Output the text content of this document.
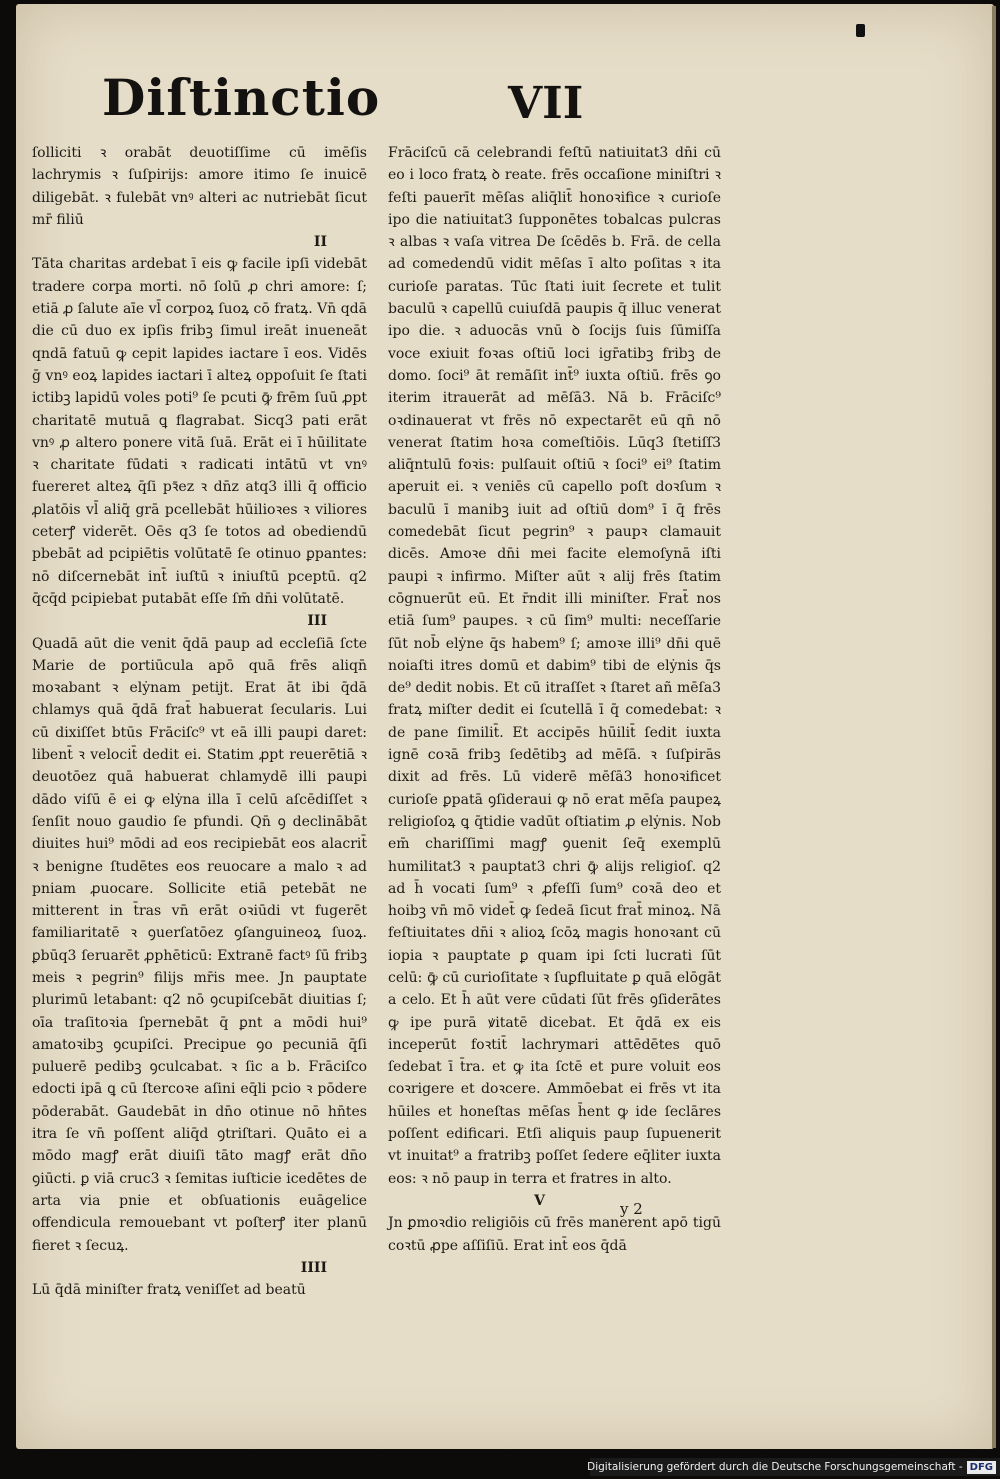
Diſtinctio	VII

ſolliciti ꝛ orabāt deuotiſſime cū imēſis lachrymis ꝛ ſuſpirijs: amore itimo ſe inuicē diligebāt. ꝛ fulebāt vnꝰ alteri ac nutriebāt ſicut mr̄ filiū

II

Tāta charitas ardebat ī eis ꝙ facile ipſi videbāt tradere corpa morti. nō ſolū ꝓ chri amore: ſ; etiā ꝓ ſalute aīe vl̄ corpoꝝ ſuoꝝ cō fratꝝ. Vn̄ qdā die cū duo ex ipſis fribꝫ ſimul ireāt inueneāt qndā fatuū ꝙ cepit lapides iactare ī eos. Vidēs ḡ vnꝰ eoꝝ lapides iactari ī alteꝝ oppoſuit ſe ſtati ictibꝫ lapidū voles poti⁹ ſe pcuti ꝙ̄ frēm ſuū ꝓpt charitatē mutuā ꝗ flagrabat. Sicq3 pati erāt vnꝰ ꝓ altero ponere vitā ſuā. Erāt ei ī hūilitate ꝛ charitate fūdati ꝛ radicati intātū vt vnꝰ fuereret alteꝝ q̄ſi pꝛ̄ez ꝛ dn̄z atq3 illi q̄ officio ꝓlatōis vl̄ aliq̄ grā pcellebāt hūilioꝛes ꝛ viliores ceterꝭ viderēt. Oēs q3 ſe totos ad obediendū pbebāt ad pcipiētis volūtatē ſe otinuo ꝑpantes: nō diſcernebāt int̄ iuſtū ꝛ iniuſtū pceptū. q2 q̄cq̄d pcipiebat putabāt eſſe ſm̄ dn̄i volūtatē.

III

Quadā aūt die venit q̄dā paup ad eccleſiā ſcte Marie de portiūcula apō quā frēs aliqn̄ moꝛabant ꝛ elẏnam petijt. Erat āt ibi q̄dā chlamys quā q̄dā frat̄ habuerat ſecularis. Lui cū dixiſſet btūs Frāciſc⁹ vt eā illi paupi daret: libent̄ ꝛ velocit̄ dedit ei. Statim ꝓpt reuerētiā ꝛ deuotōez quā habuerat chlamydē illi paupi dādo viſū ē ei ꝙ elẏna illa ī celū aſcēdiſſet ꝛ ſenſit nouo gaudio ſe pfundi. Qn̄ ꝯ declinābāt diuites hui⁹ mōdi ad eos recipiebāt eos alacrit̄ ꝛ benigne ſtudētes eos reuocare a malo ꝛ ad pniam ꝓuocare. Sollicite etiā petebāt ne mitterent in t̄ras vn̄ erāt oꝛiūdi vt fugerēt familiaritatē ꝛ ꝯuerſatōez ꝯſanguineoꝝ ſuoꝝ. ꝑbūq3 ſeruarēt ꝓphēticū: Extranē factꝰ ſū fribꝫ meis ꝛ pegrin⁹ filijs mr̄is mee. Jn pauptate plurimū letabant: q2 nō ꝯcupiſcebāt diuitias ſ; oīa traſitoꝛia ſpernebāt q̄ ꝑnt a mōdi hui⁹ amatoꝛibꝫ ꝯcupiſci. Precipue ꝯo pecuniā q̄ſi puluerē pedibꝫ ꝯculcabat. ꝛ ſic a b. Frāciſco edocti ipā ꝗ cū ſtercoꝛe aſini eq̄li pcio ꝛ pōdere pōderabāt. Gaudebāt in dn̄o otinue nō hn̄tes itra ſe vn̄ poſſent aliq̄d ꝯtriſtari. Quāto ei a mōdo magꝭ erāt diuiſi tāto magꝭ erāt dn̄o ꝯiūcti. ꝑ viā cruc3 ꝛ ſemitas iuſticie icedētes de arta via pnie et obſuationis euāgelice offendicula remouebant vt poſterꝭ iter planū fieret ꝛ ſecuꝝ.

IIII

Lū q̄dā miniſter fratꝝ veniſſet ad beatū

Frāciſcū cā celebrandi feſtū natiuitat3 dn̄i cū eo i loco fratꝝ ꝺ reate. frēs occaſione miniſtri ꝛ feſti pauerīt mēſas aliq̄lit̄ honoꝛifice ꝛ curioſe ipo die natiuitat3 ſupponētes tobalcas pulcras ꝛ albas ꝛ vaſa vitrea De ſcēdēs b. Frā. de cella ad comedendū vidit mēſas ī alto poſitas ꝛ ita curioſe paratas. Tūc ſtati iuit ſecrete et tulit baculū ꝛ capellū cuiuſdā paupis q̄ illuc venerat ipo die. ꝛ aduocās vnū ꝺ ſocijs ſuis ſūmiſſa voce exiuit foꝛas oſtiū loci igr̄atibꝫ fribꝫ de domo. ſoci⁹ āt remāſit int̄⁹ iuxta oſtiū. frēs ꝯo iterim itrauerāt ad mēſā3. Nā b. Frāciſc⁹ oꝛdinauerat vt frēs nō expectarēt eū qn̄ nō venerat ſtatim hoꝛa comeſtiōis. Lūq3 ſtetiſſ3 aliq̄ntulū foꝛis: pulſauit oſtiū ꝛ ſoci⁹ ei⁹ ſtatim aperuit ei. ꝛ veniēs cū capello poſt doꝛſum ꝛ baculū ī manibꝫ iuit ad oſtiū dom⁹ ī q̄ frēs comedebāt ſicut pegrin⁹ ꝛ paupꝛ clamauit dicēs. Amoꝛe dn̄i mei facite elemoſynā iſti paupi ꝛ infirmo. Miſter aūt ꝛ alij frēs ſtatim cōgnuerūt eū. Et r̄ndit illi miniſter. Frat̄ nos etiā ſum⁹ paupes. ꝛ cū ſim⁹ multi: neceſſarie ſūt nob̄ elẏne q̄s habem⁹ ſ; amoꝛe illi⁹ dn̄i quē noiaſti itres domū et dabim⁹ tibi de elẏnis q̄s de⁹ dedit nobis. Et cū itraſſet ꝛ ſtaret añ mēſa3 fratꝝ miſter dedit ei ſcutellā ī q̄ comedebat: ꝛ de pane ſimilit̄. Et accipēs hūilit̄ ſedit iuxta ignē coꝛā fribꝫ ſedētibꝫ ad mēſā. ꝛ ſuſpirās dixit ad frēs. Lū viderē mēſā3 honoꝛificet curioſe ꝑpatā ꝯſideraui ꝙ nō erat mēſa paupeꝝ religioſoꝝ ꝗ q̄tidie vadūt oſtiatim ꝓ elẏnis. Nob em̄ chariſſimi magꝭ ꝯuenit ſeq̄ exemplū humilitat3 ꝛ pauptat3 chri ꝙ̄ alijs religioſ. q2 ad h̄ vocati ſum⁹ ꝛ ꝓfeſſi ſum⁹ coꝛā deo et hoibꝫ vn̄ mō videt̄ ꝙ ſedeā ſicut frat̄ minoꝝ. Nā feſtiuitates dn̄i ꝛ alioꝝ ſcōꝝ magis honoꝛant cū iopia ꝛ pauptate ꝑ quam ipi ſcti lucrati ſūt celū: ꝙ̄ cū curioſitate ꝛ ſuꝑfluitate ꝑ quā elōgāt a celo. Et h̄ aūt vere cūdati ſūt frēs ꝯſiderātes ꝙ ipe purā ꝟitatē dicebat. Et q̄dā ex eis inceperūt foꝛtit̄ lachrymari attēdētes quō ſedebat ī t̄ra. et ꝙ ita ſctē et pure voluit eos coꝛrigere et doꝛcere. Ammōebat ei frēs vt ita hūiles et honeſtas mēſas h̄ent ꝙ ide ſeclāres poſſent edificari. Etſi aliquis paup ſupuenerit vt inuitat⁹ a fratribꝫ poſſet ſedere eq̄liter iuxta eos: ꝛ nō paup in terra et fratres in alto.

V

Jn ꝑmoꝛdio religiōis cū frēs manerent apō tigū coꝛtū ꝓpe aſſiſiū. Erat int̄ eos q̄dā

y 2
Digitalisierung gefördert durch die Deutsche Forschungsgemeinschaft - DFG
